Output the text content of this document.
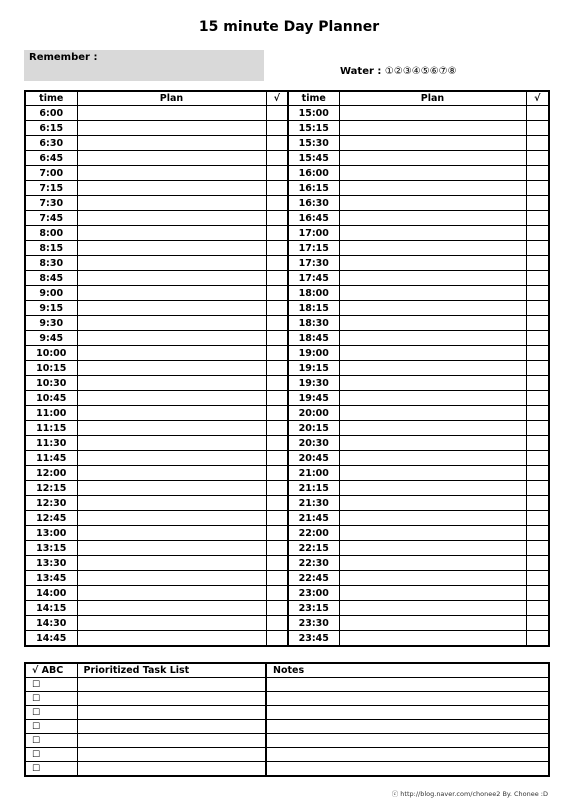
15 minute Day Planner
Remember :
Water : ①②③④⑤⑥⑦⑧
time	Plan	√	time	Plan	√
6:00			15:00		
6:15			15:15		
6:30			15:30		
6:45			15:45		
7:00			16:00		
7:15			16:15		
7:30			16:30		
7:45			16:45		
8:00			17:00		
8:15			17:15		
8:30			17:30		
8:45			17:45		
9:00			18:00		
9:15			18:15		
9:30			18:30		
9:45			18:45		
10:00			19:00		
10:15			19:15		
10:30			19:30		
10:45			19:45		
11:00			20:00		
11:15			20:15		
11:30			20:30		
11:45			20:45		
12:00			21:00		
12:15			21:15		
12:30			21:30		
12:45			21:45		
13:00			22:00		
13:15			22:15		
13:30			22:30		
13:45			22:45		
14:00			23:00		
14:15			23:15		
14:30			23:30		
14:45			23:45		
√ ABC	Prioritized Task List	Notes
☐		
☐		
☐		
☐		
☐		
☐		
☐		
ⓒ http://blog.naver.com/chonee2 By. Chonee :D
